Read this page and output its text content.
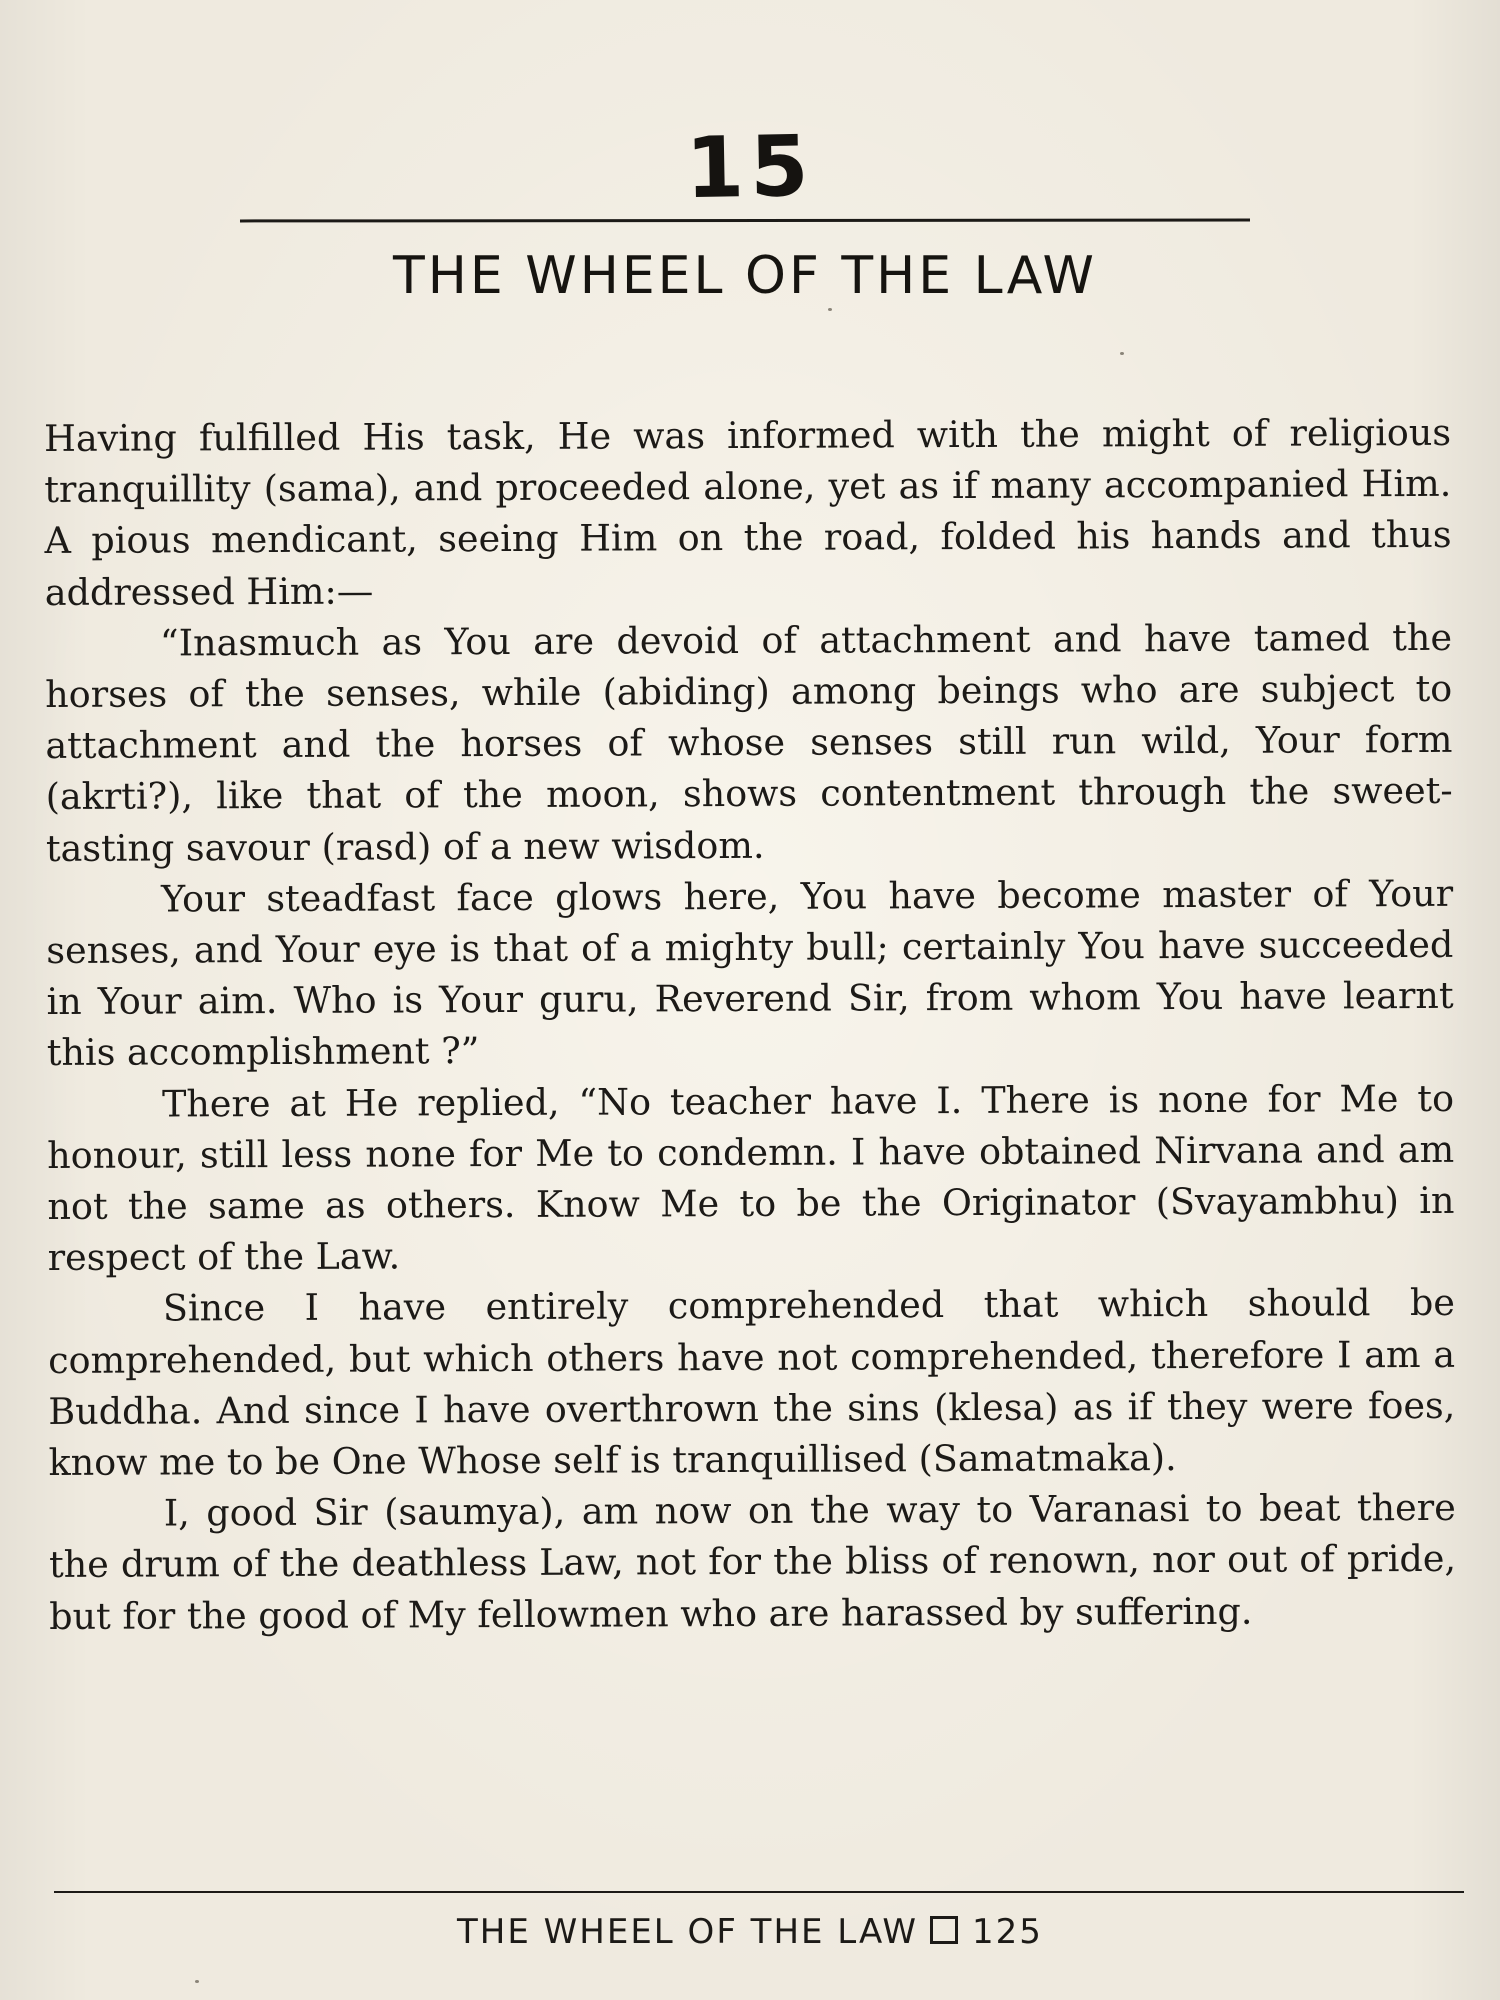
15
THE WHEEL OF THE LAW

Having fulfilled His task, He was informed with the might of religious tranquillity (sama), and proceeded alone, yet as if many accompanied Him. A pious mendicant, seeing Him on the road, folded his hands and thus addressed Him:—

“Inasmuch as You are devoid of attachment and have tamed the horses of the senses, while (abiding) among beings who are subject to attachment and the horses of whose senses still run wild, Your form (akrti?), like that of the moon, shows contentment through the sweet-tasting savour (rasd) of a new wisdom.

Your steadfast face glows here, You have become master of Your senses, and Your eye is that of a mighty bull; certainly You have succeeded in Your aim. Who is Your guru, Reverend Sir, from whom You have learnt this accomplishment ?”

There at He replied, “No teacher have I. There is none for Me to honour, still less none for Me to condemn. I have obtained Nirvana and am not the same as others. Know Me to be the Originator (Svayambhu) in respect of the Law.

Since I have entirely comprehended that which should be comprehended, but which others have not comprehended, therefore I am a Buddha. And since I have overthrown the sins (klesa) as if they were foes, know me to be One Whose self is tranquillised (Samatmaka).

I, good Sir (saumya), am now on the way to Varanasi to beat there the drum of the deathless Law, not for the bliss of renown, nor out of pride, but for the good of My fellowmen who are harassed by suffering.

THE WHEEL OF THE LAW 125
